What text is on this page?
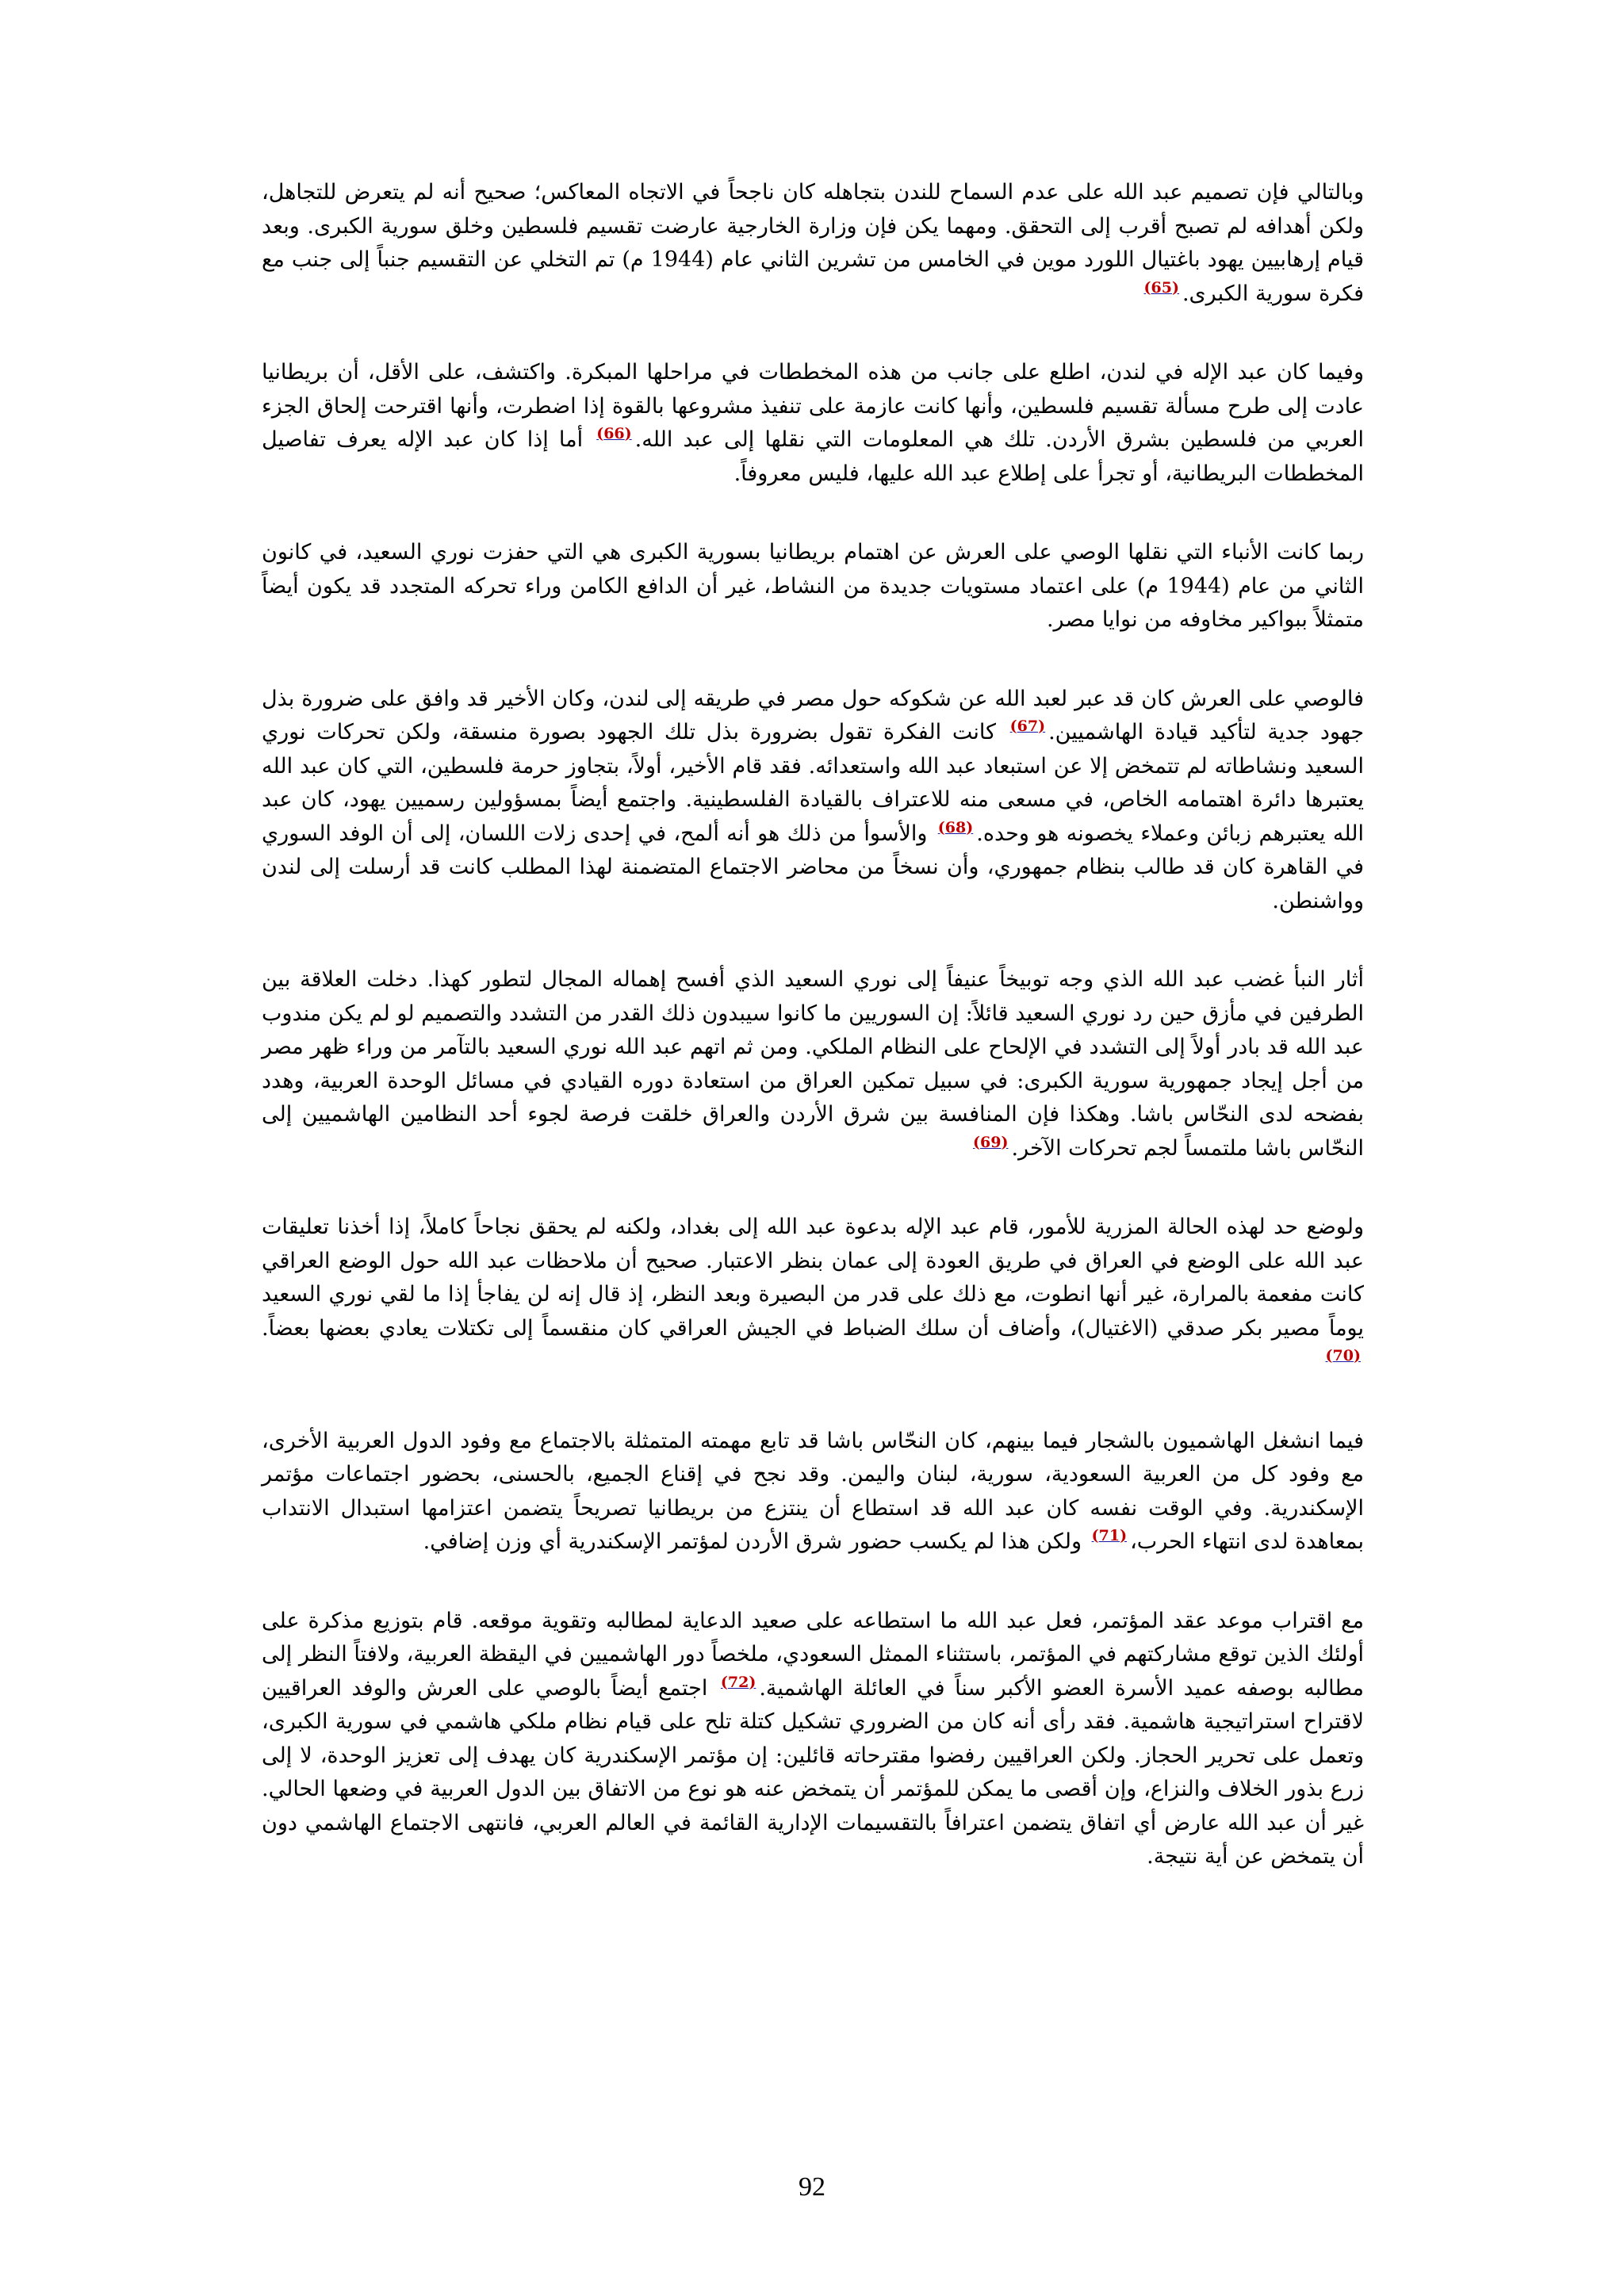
وبالتالي فإن تصميم عبد الله على عدم السماح للندن بتجاهله كان ناجحاً في الاتجاه المعاكس؛ صحيح أنه لم يتعرض للتجاهل، ولكن أهدافه لم تصبح أقرب إلى التحقق. ومهما يكن فإن وزارة الخارجية عارضت تقسيم فلسطين وخلق سورية الكبرى. وبعد قيام إرهابيين يهود باغتيال اللورد موين في الخامس من تشرين الثاني عام (1944 م) تم التخلي عن التقسيم جنباً إلى جنب مع فكرة سورية الكبرى.$^{(65)}$

وفيما كان عبد الإله في لندن، اطلع على جانب من هذه المخططات في مراحلها المبكرة. واكتشف، على الأقل، أن بريطانيا عادت إلى طرح مسألة تقسيم فلسطين، وأنها كانت عازمة على تنفيذ مشروعها بالقوة إذا اضطرت، وأنها اقترحت إلحاق الجزء العربي من فلسطين بشرق الأردن. تلك هي المعلومات التي نقلها إلى عبد الله.$^{(66)}$ أما إذا كان عبد الإله يعرف تفاصيل المخططات البريطانية، أو تجرأ على إطلاع عبد الله عليها، فليس معروفاً.

ربما كانت الأنباء التي نقلها الوصي على العرش عن اهتمام بريطانيا بسورية الكبرى هي التي حفزت نوري السعيد، في كانون الثاني من عام (1944 م) على اعتماد مستويات جديدة من النشاط، غير أن الدافع الكامن وراء تحركه المتجدد قد يكون أيضاً متمثلاً ببواكير مخاوفه من نوايا مصر.

فالوصي على العرش كان قد عبر لعبد الله عن شكوكه حول مصر في طريقه إلى لندن، وكان الأخير قد وافق على ضرورة بذل جهود جدية لتأكيد قيادة الهاشميين.$^{(67)}$ كانت الفكرة تقول بضرورة بذل تلك الجهود بصورة منسقة، ولكن تحركات نوري السعيد ونشاطاته لم تتمخض إلا عن استبعاد عبد الله واستعدائه. فقد قام الأخير، أولاً، بتجاوز حرمة فلسطين، التي كان عبد الله يعتبرها دائرة اهتمامه الخاص، في مسعى منه للاعتراف بالقيادة الفلسطينية. واجتمع أيضاً بمسؤولين رسميين يهود، كان عبد الله يعتبرهم زبائن وعملاء يخصونه هو وحده.$^{(68)}$ والأسوأ من ذلك هو أنه ألمح، في إحدى زلات اللسان، إلى أن الوفد السوري في القاهرة كان قد طالب بنظام جمهوري، وأن نسخاً من محاضر الاجتماع المتضمنة لهذا المطلب كانت قد أرسلت إلى لندن وواشنطن.

أثار النبأ غضب عبد الله الذي وجه توبيخاً عنيفاً إلى نوري السعيد الذي أفسح إهماله المجال لتطور كهذا. دخلت العلاقة بين الطرفين في مأزق حين رد نوري السعيد قائلاً: إن السوريين ما كانوا سيبدون ذلك القدر من التشدد والتصميم لو لم يكن مندوب عبد الله قد بادر أولاً إلى التشدد في الإلحاح على النظام الملكي. ومن ثم اتهم عبد الله نوري السعيد بالتآمر من وراء ظهر مصر من أجل إيجاد جمهورية سورية الكبرى: في سبيل تمكين العراق من استعادة دوره القيادي في مسائل الوحدة العربية، وهدد بفضحه لدى النحّاس باشا. وهكذا فإن المنافسة بين شرق الأردن والعراق خلقت فرصة لجوء أحد النظامين الهاشميين إلى النحّاس باشا ملتمساً لجم تحركات الآخر.$^{(69)}$

ولوضع حد لهذه الحالة المزرية للأمور، قام عبد الإله بدعوة عبد الله إلى بغداد، ولكنه لم يحقق نجاحاً كاملاً، إذا أخذنا تعليقات عبد الله على الوضع في العراق في طريق العودة إلى عمان بنظر الاعتبار. صحيح أن ملاحظات عبد الله حول الوضع العراقي كانت مفعمة بالمرارة، غير أنها انطوت، مع ذلك على قدر من البصيرة وبعد النظر، إذ قال إنه لن يفاجأ إذا ما لقي نوري السعيد يوماً مصير بكر صدقي (الاغتيال)، وأضاف أن سلك الضباط في الجيش العراقي كان منقسماً إلى تكتلات يعادي بعضها بعضاً.$^{(70)}$

فيما انشغل الهاشميون بالشجار فيما بينهم، كان النحّاس باشا قد تابع مهمته المتمثلة بالاجتماع مع وفود الدول العربية الأخرى، مع وفود كل من العربية السعودية، سورية، لبنان واليمن. وقد نجح في إقناع الجميع، بالحسنى، بحضور اجتماعات مؤتمر الإسكندرية. وفي الوقت نفسه كان عبد الله قد استطاع أن ينتزع من بريطانيا تصريحاً يتضمن اعتزامها استبدال الانتداب بمعاهدة لدى انتهاء الحرب،$^{(71)}$ ولكن هذا لم يكسب حضور شرق الأردن لمؤتمر الإسكندرية أي وزن إضافي.

مع اقتراب موعد عقد المؤتمر، فعل عبد الله ما استطاعه على صعيد الدعاية لمطالبه وتقوية موقعه. قام بتوزيع مذكرة على أولئك الذين توقع مشاركتهم في المؤتمر، باستثناء الممثل السعودي، ملخصاً دور الهاشميين في اليقظة العربية، ولافتاً النظر إلى مطالبه بوصفه عميد الأسرة العضو الأكبر سناً في العائلة الهاشمية.$^{(72)}$ اجتمع أيضاً بالوصي على العرش والوفد العراقيين لاقتراح استراتيجية هاشمية. فقد رأى أنه كان من الضروري تشكيل كتلة تلح على قيام نظام ملكي هاشمي في سورية الكبرى، وتعمل على تحرير الحجاز. ولكن العراقيين رفضوا مقترحاته قائلين: إن مؤتمر الإسكندرية كان يهدف إلى تعزيز الوحدة، لا إلى زرع بذور الخلاف والنزاع، وإن أقصى ما يمكن للمؤتمر أن يتمخض عنه هو نوع من الاتفاق بين الدول العربية في وضعها الحالي. غير أن عبد الله عارض أي اتفاق يتضمن اعترافاً بالتقسيمات الإدارية القائمة في العالم العربي، فانتهى الاجتماع الهاشمي دون أن يتمخض عن أية نتيجة.

92
